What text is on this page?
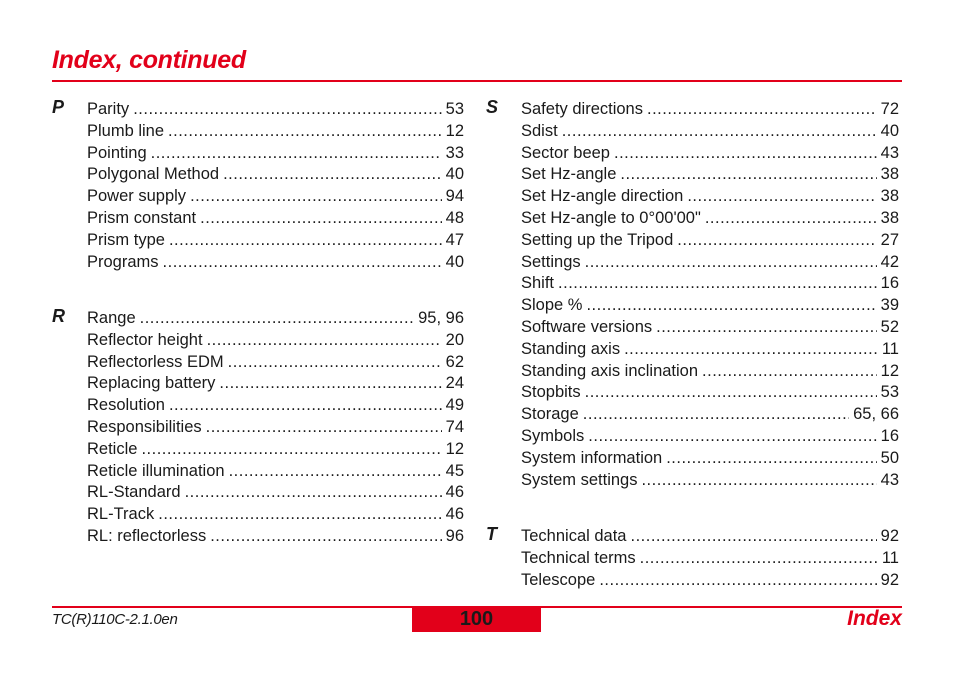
Index, continued
P Parity .....	53
Plumb line .....	12
Pointing .....	33
Polygonal Method .....	40
Power supply .....	94
Prism constant .....	48
Prism type .....	47
Programs .....	40
R Range .....	95, 96
Reflector height .....	20
Reflectorless EDM .....	62
Replacing battery .....	24
Resolution .....	49
Responsibilities .....	74
Reticle .....	12
Reticle illumination .....	45
RL-Standard .....	46
RL-Track .....	46
RL: reflectorless .....	96
S Safety directions .....	72
Sdist .....	40
Sector beep .....	43
Set Hz-angle .....	38
Set Hz-angle direction .....	38
Set Hz-angle to 0°00'00" .....	38
Setting up the Tripod .....	27
Settings .....	42
Shift .....	16
Slope % .....	39
Software versions .....	52
Standing axis .....	11
Standing axis inclination .....	12
Stopbits .....	53
Storage .....	65, 66
Symbols .....	16
System information .....	50
System settings .....	43
T Technical data .....	92
Technical terms .....	11
Telescope .....	92
TC(R)110C-2.1.0en	100	Index
